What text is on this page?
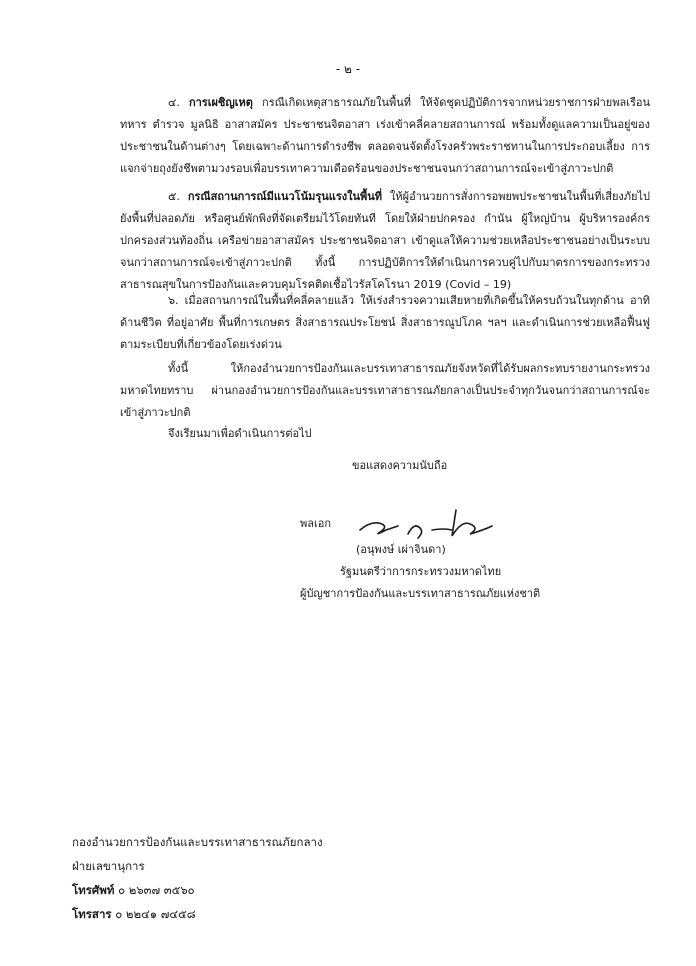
- ๒ -
๔. การเผชิญเหตุ กรณีเกิดเหตุสาธารณภัยในพื้นที่ ให้จัดชุดปฏิบัติการจากหน่วยราชการฝ่ายพลเรือน ทหาร ตำรวจ มูลนิธิ อาสาสมัคร ประชาชนจิตอาสา เร่งเข้าคลี่คลายสถานการณ์ พร้อมทั้งดูแลความเป็นอยู่ของประชาชนในด้านต่างๆ โดยเฉพาะด้านการดำรงชีพ ตลอดจนจัดตั้งโรงครัวพระราชทานในการประกอบเลี้ยง การแจกจ่ายถุงยังชีพตามวงรอบเพื่อบรรเทาความเดือดร้อนของประชาชนจนกว่าสถานการณ์จะเข้าสู่ภาวะปกติ
๕. กรณีสถานการณ์มีแนวโน้มรุนแรงในพื้นที่ ให้ผู้อำนวยการสั่งการอพยพประชาชนในพื้นที่เสี่ยงภัยไปยังพื้นที่ปลอดภัย หรือศูนย์พักพิงที่จัดเตรียมไว้โดยทันที โดยให้ฝ่ายปกครอง กำนัน ผู้ใหญ่บ้าน ผู้บริหารองค์กรปกครองส่วนท้องถิ่น เครือข่ายอาสาสมัคร ประชาชนจิตอาสา เข้าดูแลให้ความช่วยเหลือประชาชนอย่างเป็นระบบจนกว่าสถานการณ์จะเข้าสู่ภาวะปกติ ทั้งนี้ การปฏิบัติการให้ดำเนินการควบคู่ไปกับมาตรการของกระทรวงสาธารณสุขในการป้องกันและควบคุมโรคติดเชื้อไวรัสโคโรนา 2019 (Covid – 19)
๖. เมื่อสถานการณ์ในพื้นที่คลี่คลายแล้ว ให้เร่งสำรวจความเสียหายที่เกิดขึ้นให้ครบถ้วนในทุกด้าน อาทิ ด้านชีวิต ที่อยู่อาศัย พื้นที่การเกษตร สิ่งสาธารณประโยชน์ สิ่งสาธารณูปโภค ฯลฯ และดำเนินการช่วยเหลือฟื้นฟูตามระเบียบที่เกี่ยวข้องโดยเร่งด่วน
ทั้งนี้ ให้กองอำนวยการป้องกันและบรรเทาสาธารณภัยจังหวัดที่ได้รับผลกระทบรายงานกระทรวงมหาดไทยทราบ ผ่านกองอำนวยการป้องกันและบรรเทาสาธารณภัยกลางเป็นประจำทุกวันจนกว่าสถานการณ์จะเข้าสู่ภาวะปกติ
จึงเรียนมาเพื่อดำเนินการต่อไป
ขอแสดงความนับถือ
พลเอก
(อนุพงษ์ เผ่าจินดา)
รัฐมนตรีว่าการกระทรวงมหาดไทย
ผู้บัญชาการป้องกันและบรรเทาสาธารณภัยแห่งชาติ
กองอำนวยการป้องกันและบรรเทาสาธารณภัยกลาง
ฝ่ายเลขานุการ
โทรศัพท์ ๐ ๒๖๓๗ ๓๕๖๐
โทรสาร ๐ ๒๒๔๑ ๗๔๕๘
